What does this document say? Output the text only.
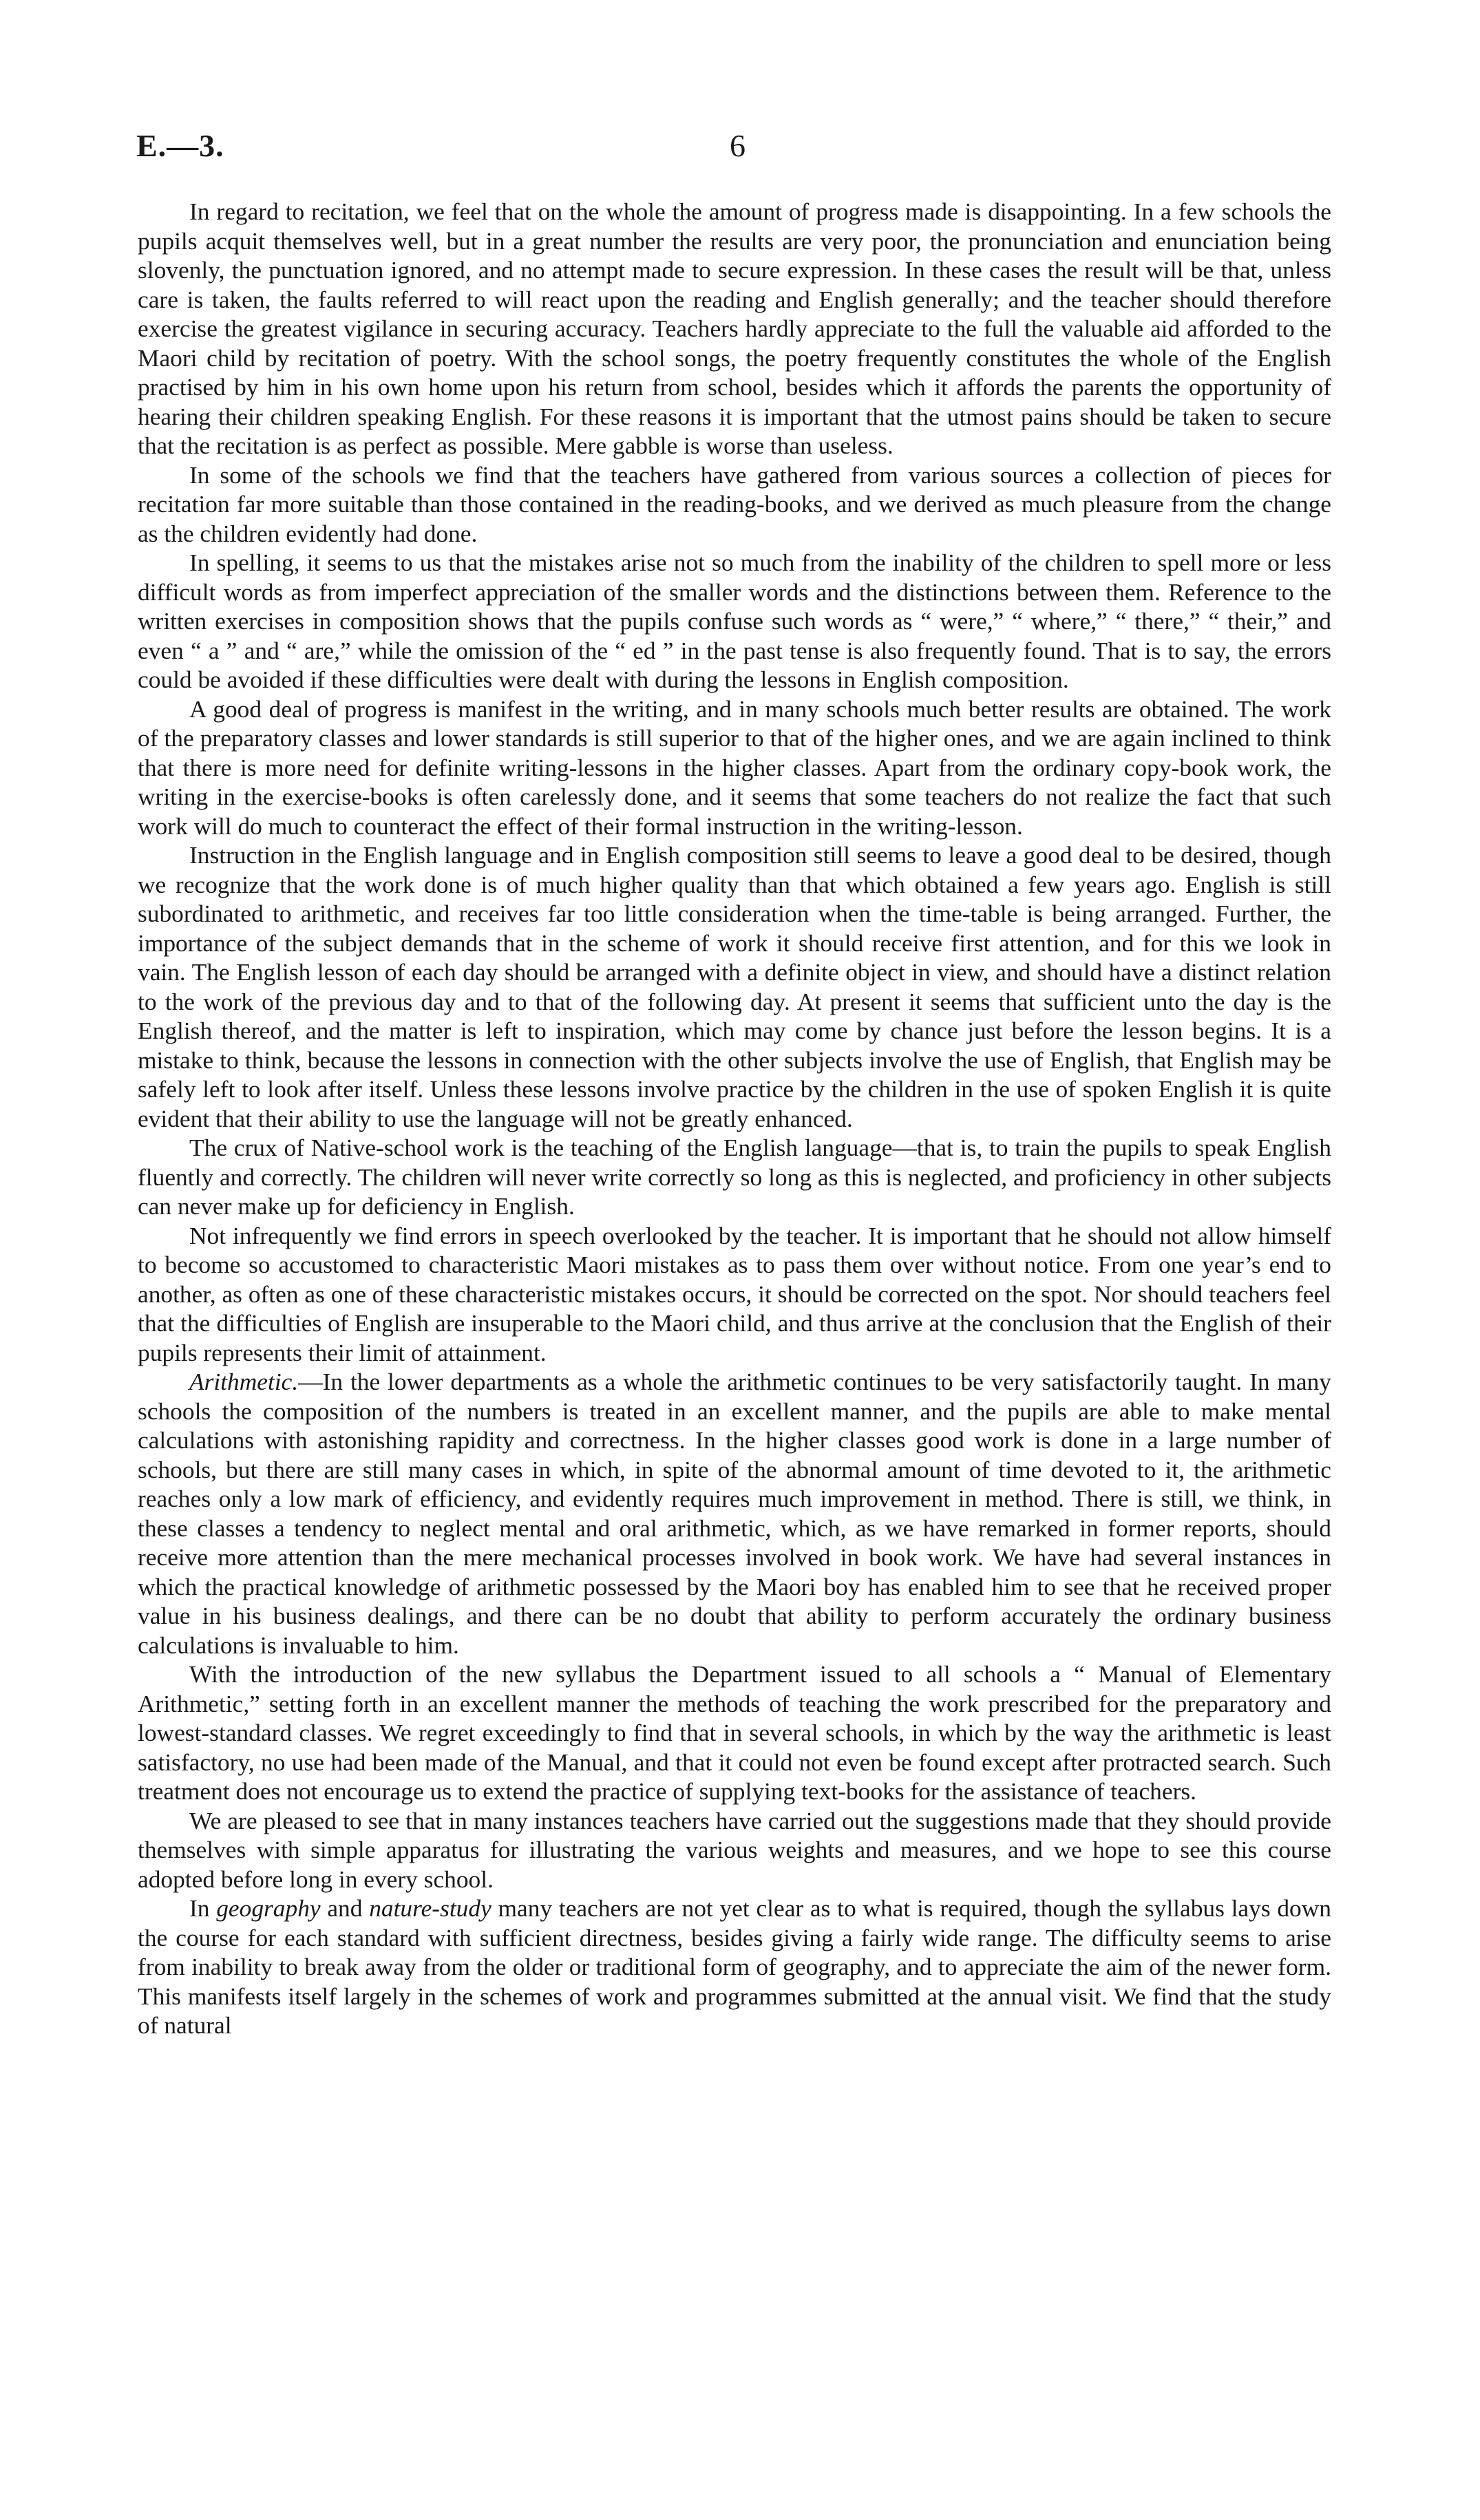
E.—3.	6

In regard to recitation, we feel that on the whole the amount of progress made is disappointing. In a few schools the pupils acquit themselves well, but in a great number the results are very poor, the pronunciation and enunciation being slovenly, the punctuation ignored, and no attempt made to secure expression. In these cases the result will be that, unless care is taken, the faults referred to will react upon the reading and English generally; and the teacher should therefore exercise the greatest vigilance in securing accuracy. Teachers hardly appreciate to the full the valuable aid afforded to the Maori child by recitation of poetry. With the school songs, the poetry frequently constitutes the whole of the English practised by him in his own home upon his return from school, besides which it affords the parents the opportunity of hearing their children speaking English. For these reasons it is important that the utmost pains should be taken to secure that the recitation is as perfect as possible. Mere gabble is worse than useless.

In some of the schools we find that the teachers have gathered from various sources a collection of pieces for recitation far more suitable than those contained in the reading-books, and we derived as much pleasure from the change as the children evidently had done.

In spelling, it seems to us that the mistakes arise not so much from the inability of the children to spell more or less difficult words as from imperfect appreciation of the smaller words and the distinctions between them. Reference to the written exercises in composition shows that the pupils confuse such words as “ were,” “ where,” “ there,” “ their,” and even “ a ” and “ are,” while the omission of the “ ed ” in the past tense is also frequently found. That is to say, the errors could be avoided if these difficulties were dealt with during the lessons in English composition.

A good deal of progress is manifest in the writing, and in many schools much better results are obtained. The work of the preparatory classes and lower standards is still superior to that of the higher ones, and we are again inclined to think that there is more need for definite writing-lessons in the higher classes. Apart from the ordinary copy-book work, the writing in the exercise-books is often carelessly done, and it seems that some teachers do not realize the fact that such work will do much to counteract the effect of their formal instruction in the writing-lesson.

Instruction in the English language and in English composition still seems to leave a good deal to be desired, though we recognize that the work done is of much higher quality than that which obtained a few years ago. English is still subordinated to arithmetic, and receives far too little consideration when the time-table is being arranged. Further, the importance of the subject demands that in the scheme of work it should receive first attention, and for this we look in vain. The English lesson of each day should be arranged with a definite object in view, and should have a distinct relation to the work of the previous day and to that of the following day. At present it seems that sufficient unto the day is the English thereof, and the matter is left to inspiration, which may come by chance just before the lesson begins. It is a mistake to think, because the lessons in connection with the other subjects involve the use of English, that English may be safely left to look after itself. Unless these lessons involve practice by the children in the use of spoken English it is quite evident that their ability to use the language will not be greatly enhanced.

The crux of Native-school work is the teaching of the English language—that is, to train the pupils to speak English fluently and correctly. The children will never write correctly so long as this is neglected, and proficiency in other subjects can never make up for deficiency in English.

Not infrequently we find errors in speech overlooked by the teacher. It is important that he should not allow himself to become so accustomed to characteristic Maori mistakes as to pass them over without notice. From one year’s end to another, as often as one of these characteristic mistakes occurs, it should be corrected on the spot. Nor should teachers feel that the difficulties of English are insuperable to the Maori child, and thus arrive at the conclusion that the English of their pupils represents their limit of attainment.

Arithmetic.—In the lower departments as a whole the arithmetic continues to be very satisfactorily taught. In many schools the composition of the numbers is treated in an excellent manner, and the pupils are able to make mental calculations with astonishing rapidity and correctness. In the higher classes good work is done in a large number of schools, but there are still many cases in which, in spite of the abnormal amount of time devoted to it, the arithmetic reaches only a low mark of efficiency, and evidently requires much improvement in method. There is still, we think, in these classes a tendency to neglect mental and oral arithmetic, which, as we have remarked in former reports, should receive more attention than the mere mechanical processes involved in book work. We have had several instances in which the practical knowledge of arithmetic possessed by the Maori boy has enabled him to see that he received proper value in his business dealings, and there can be no doubt that ability to perform accurately the ordinary business calculations is invaluable to him.

With the introduction of the new syllabus the Department issued to all schools a “ Manual of Elementary Arithmetic,” setting forth in an excellent manner the methods of teaching the work prescribed for the preparatory and lowest-standard classes. We regret exceedingly to find that in several schools, in which by the way the arithmetic is least satisfactory, no use had been made of the Manual, and that it could not even be found except after protracted search. Such treatment does not encourage us to extend the practice of supplying text-books for the assistance of teachers.

We are pleased to see that in many instances teachers have carried out the suggestions made that they should provide themselves with simple apparatus for illustrating the various weights and measures, and we hope to see this course adopted before long in every school.

In geography and nature-study many teachers are not yet clear as to what is required, though the syllabus lays down the course for each standard with sufficient directness, besides giving a fairly wide range. The difficulty seems to arise from inability to break away from the older or traditional form of geography, and to appreciate the aim of the newer form. This manifests itself largely in the schemes of work and programmes submitted at the annual visit. We find that the study of natural
